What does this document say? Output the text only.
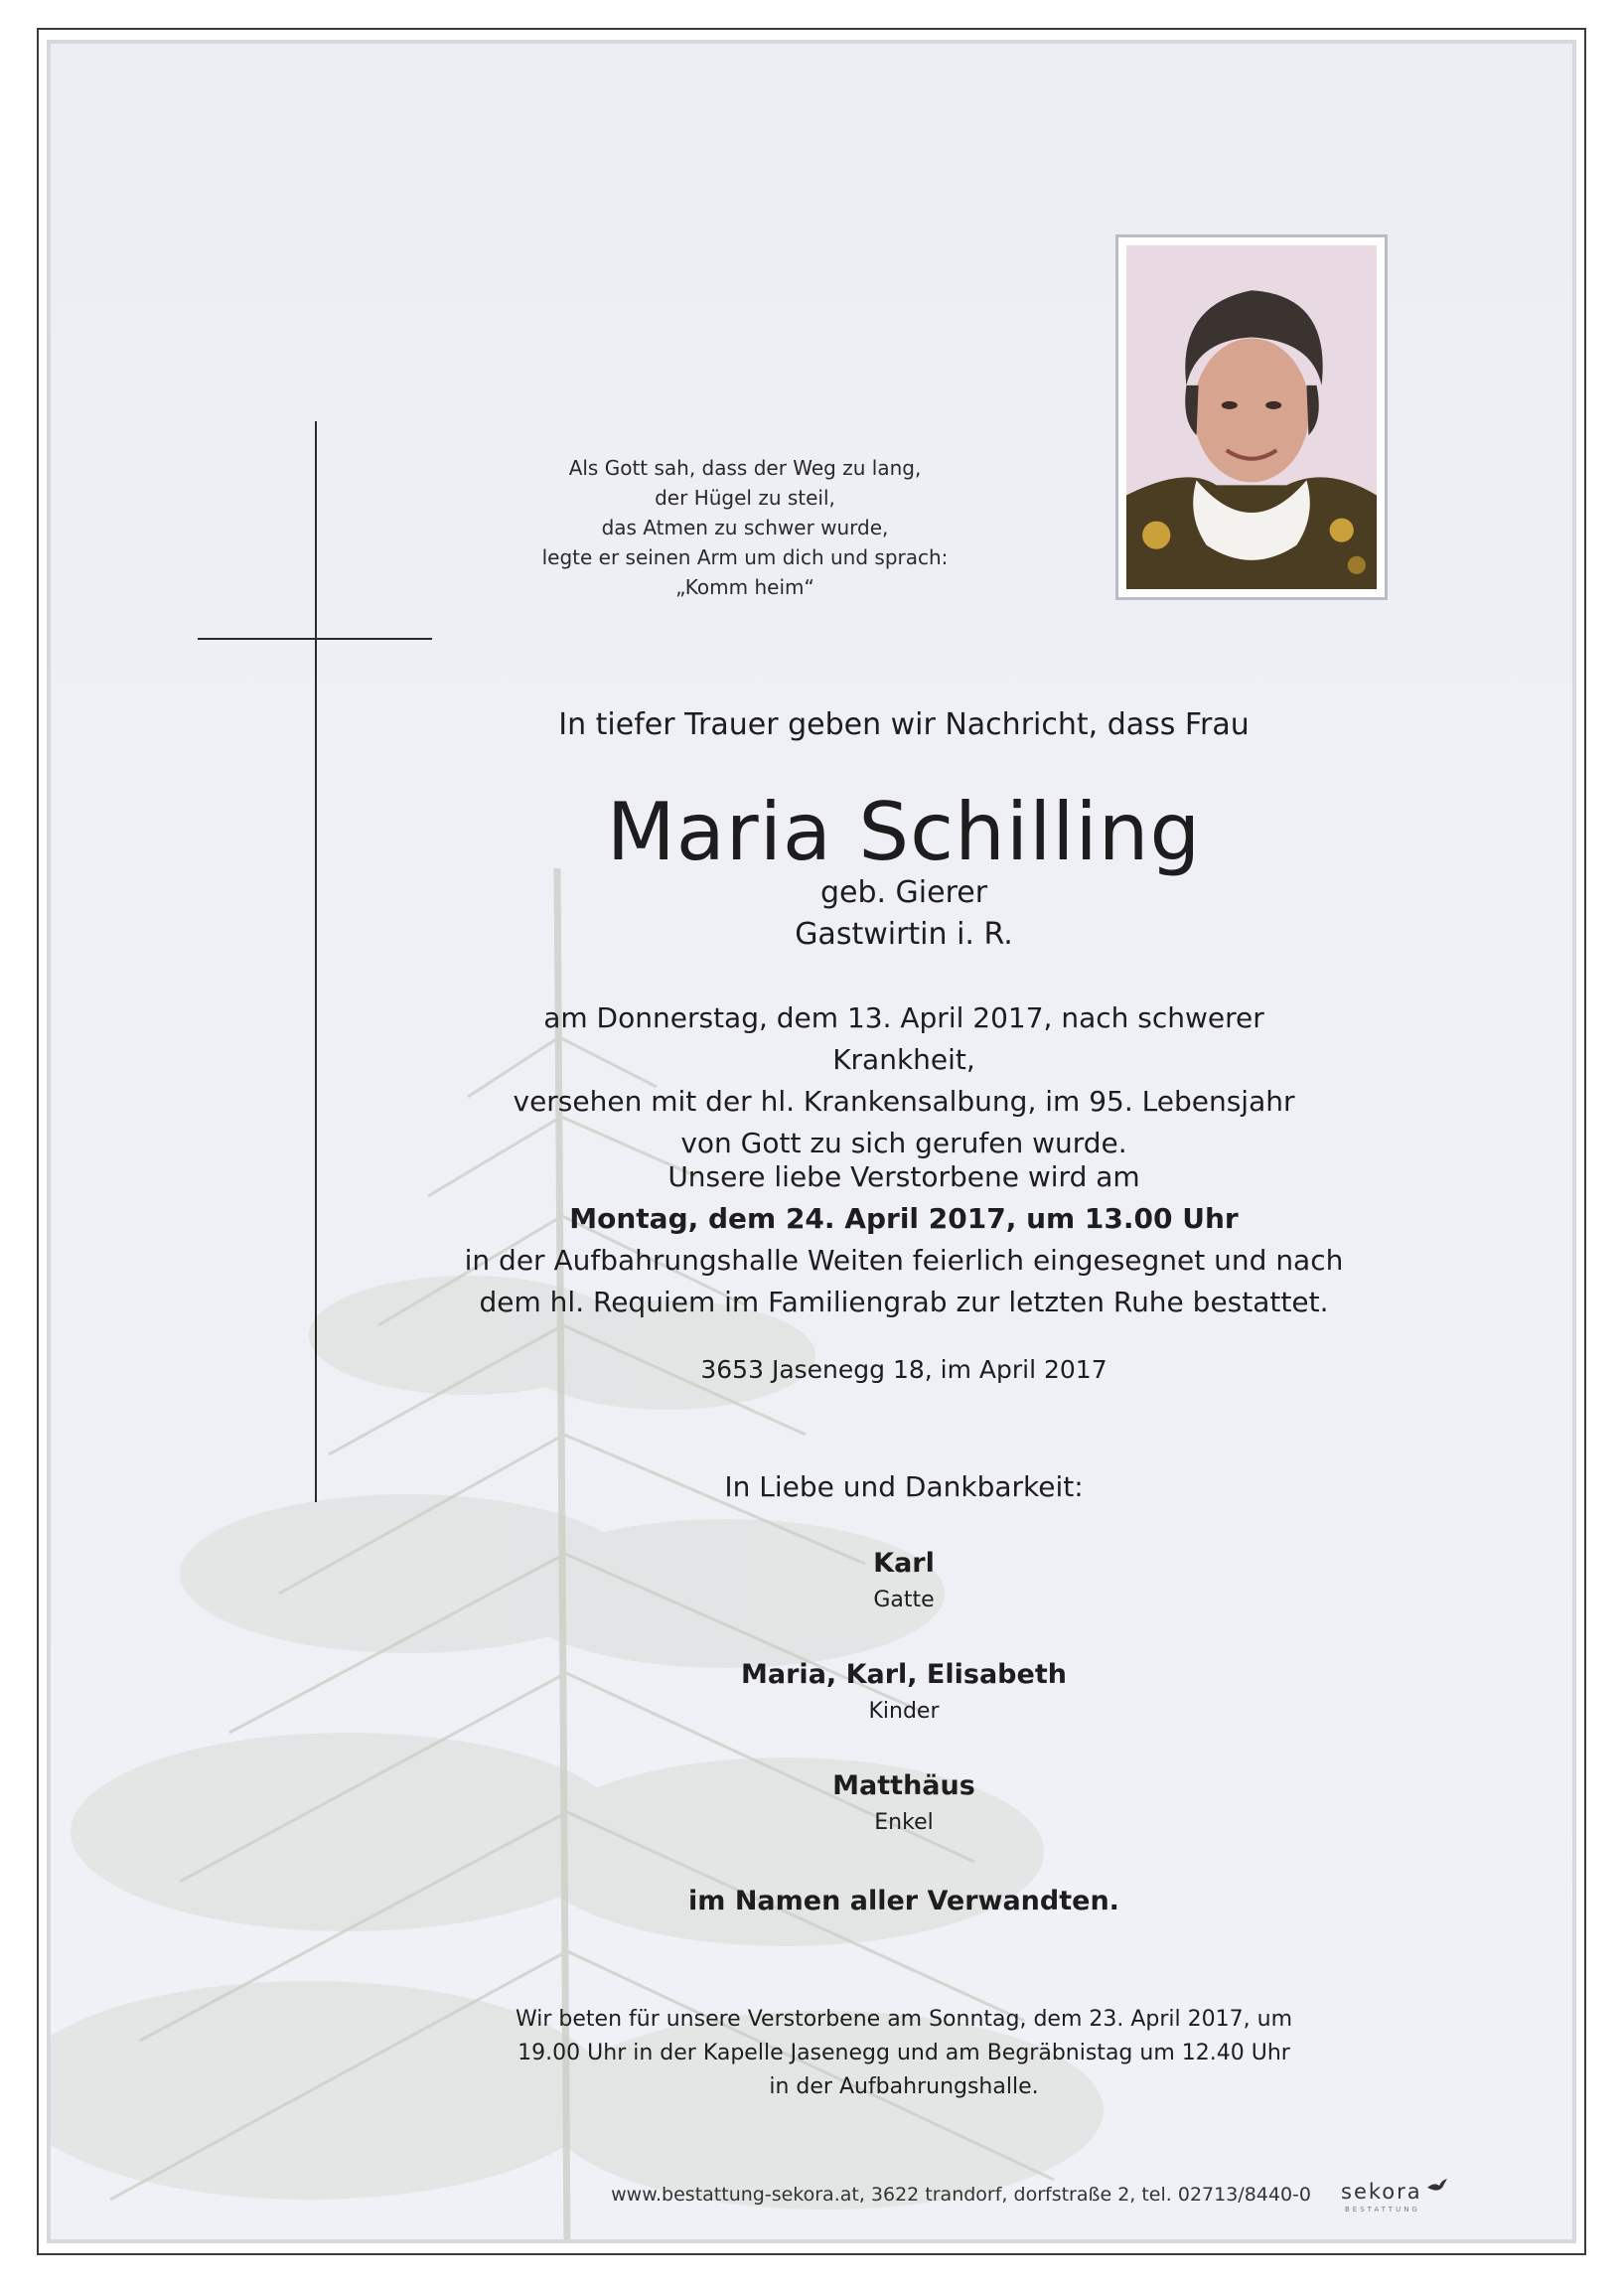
Als Gott sah, dass der Weg zu lang,
der Hügel zu steil,
das Atmen zu schwer wurde,
legte er seinen Arm um dich und sprach:
„Komm heim“
In tiefer Trauer geben wir Nachricht, dass Frau
Maria Schilling
geb. Gierer
Gastwirtin i. R.
am Donnerstag, dem 13. April 2017, nach schwerer Krankheit,
versehen mit der hl. Krankensalbung, im 95. Lebensjahr
von Gott zu sich gerufen wurde.
Unsere liebe Verstorbene wird am
Montag, dem 24. April 2017, um 13.00 Uhr
in der Aufbahrungshalle Weiten feierlich eingesegnet und nach
dem hl. Requiem im Familiengrab zur letzten Ruhe bestattet.
3653 Jasenegg 18, im April 2017
In Liebe und Dankbarkeit:
Karl
Gatte
Maria, Karl, Elisabeth
Kinder
Matthäus
Enkel
im Namen aller Verwandten.
Wir beten für unsere Verstorbene am Sonntag, dem 23. April 2017, um
19.00 Uhr in der Kapelle Jasenegg und am Begräbnistag um 12.40 Uhr
in der Aufbahrungshalle.
www.bestattung-sekora.at, 3622 trandorf, dorfstraße 2, tel. 02713/8440-0 sekora
BESTATTUNG
